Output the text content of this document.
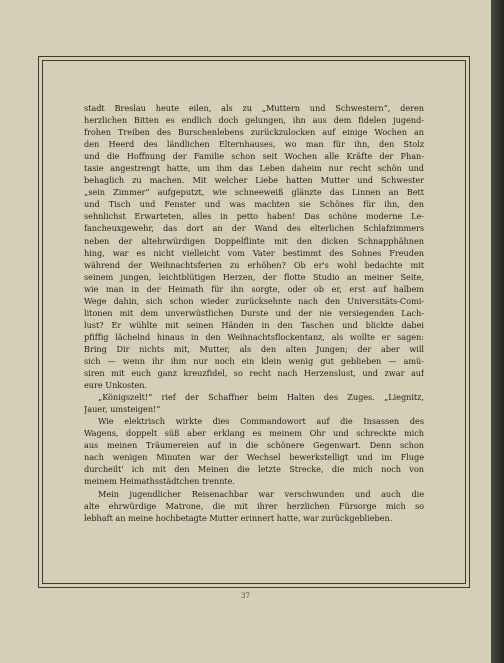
stadt Breslau heute eilen, als zu „Muttern und Schwestern“, deren
herzlichen Bitten es endlich doch gelungen, ihn aus dem fidelen jugend-
frohen Treiben des Burschenlebens zurückzulocken auf einige Wochen an
den Heerd des ländlichen Elternhauses, wo man für ihn, den Stolz
und die Hoffnung der Familie schon seit Wochen alle Kräfte der Phan-
tasie angestrengt hatte, um ihm das Leben daheim nur recht schön und
behaglich zu machen. Mit welcher Liebe hatten Mutter und Schwester
„sein Zimmer“ aufgeputzt, wie schneeweiß glänzte das Linnen an Bett
und Tisch und Fenster und was machten sie Schönes für ihn, den
sehnlichst Erwarteten, alles in petto haben! Das schöne moderne Le-
fancheuxgewehr, das dort an der Wand des elterlichen Schlafzimmers
neben der altehrwürdigen Doppelflinte mit den dicken Schnapphähnen
hing, war es nicht vielleicht vom Vater bestimmt des Sohnes Freuden
während der Weihnachtsferien zu erhöhen? Ob er's wohl bedachte mit
seinem jungen, leichtblütigen Herzen, der flotte Studio an meiner Seite,
wie man in der Heimath für ihn sorgte, oder ob er, erst auf halbem
Wege dahin, sich schon wieder zurücksehnte nach den Universitäts-Comi-
litonen mit dem unverwüstlichen Durste und der nie versiegenden Lach-
lust? Er wühlte mit seinen Händen in den Taschen und blickte dabei
pfiffig lächelnd hinaus in den Weihnachtsflockentanz, als wollte er sagen:
Bring Dir nichts mit, Mutter, als den alten Jungen; der aber will
sich — wenn ihr ihm nur noch ein klein wenig gut geblieben — amü-
siren mit euch ganz kreuzfidel, so recht nach Herzenslust, und zwar auf
eure Unkosten.
„Königszelt!“ rief der Schaffner beim Halten des Zuges. „Liegnitz,
Jauer, umsteigen!“
Wie elektrisch wirkte dies Commandowort auf die Insassen des
Wagens, doppelt süß aber erklang es meinem Ohr und schreckte mich
aus meinen Träumereien auf in die schönere Gegenwart. Denn schon
nach wenigen Minuten war der Wechsel bewerkstelligt und im Fluge
durcheilt' ich mit den Meinen die letzte Strecke, die mich noch von
meinem Heimathsstädtchen trennte.
Mein jugendlicher Reisenachbar war verschwunden und auch die
alte ehrwürdige Matrone, die mit ihrer herzlichen Fürsorge mich so
lebhaft an meine hochbetagte Mutter erinnert hatte, war zurückgeblieben.
37
